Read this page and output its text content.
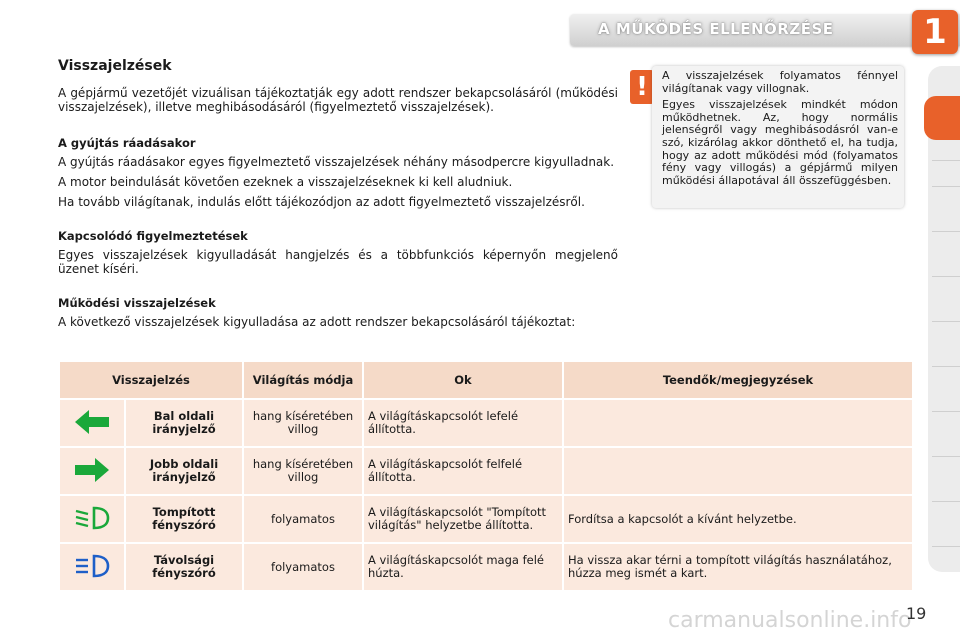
A MŰKÖDÉS ELLENŐRZÉSE	1
Visszajelzések

A gépjármű vezetőjét vizuálisan tájékoztatják egy adott rendszer bekapcsolásáról (működési visszajelzések), illetve meghibásodásáról (figyelmeztető visszajelzések).

A gyújtás ráadásakor

A gyújtás ráadásakor egyes figyelmeztető visszajelzések néhány másodpercre kigyulladnak.

A motor beindulását követően ezeknek a visszajelzéseknek ki kell aludniuk.

Ha tovább világítanak, indulás előtt tájékozódjon az adott figyelmeztető visszajelzésről.

Kapcsolódó figyelmeztetések

Egyes visszajelzések kigyulladását hangjelzés és a többfunkciós képernyőn megjelenő üzenet kíséri.

Működési visszajelzések

A következő visszajelzések kigyulladása az adott rendszer bekapcsolásáról tájékoztat:

!	A visszajelzések folyamatos fénnyel világítanak vagy villognak.

Egyes visszajelzések mindkét módon működhetnek. Az, hogy normális jelenségről vagy meghibásodásról van-e szó, kizárólag akkor dönthető el, ha tudja, hogy az adott működési mód (folyamatos fény vagy villogás) a gépjármű milyen működési állapotával áll összefüggésben.

Visszajelzés		Világítás módja	Ok	Teendők/megjegyzések
	Bal oldali irányjelző	hang kíséretében villog	A világításkapcsolót lefelé állította.	
	Jobb oldali irányjelző	hang kíséretében villog	A világításkapcsolót felfelé állította.	
	Tompított fényszóró	folyamatos	A világításkapcsolót "Tompított világítás" helyzetbe állította.	Fordítsa a kapcsolót a kívánt helyzetbe.
	Távolsági fényszóró	folyamatos	A világításkapcsolót maga felé húzta.	Ha vissza akar térni a tompított világítás használatához, húzza meg ismét a kart.
carmanualsonline.info
19
